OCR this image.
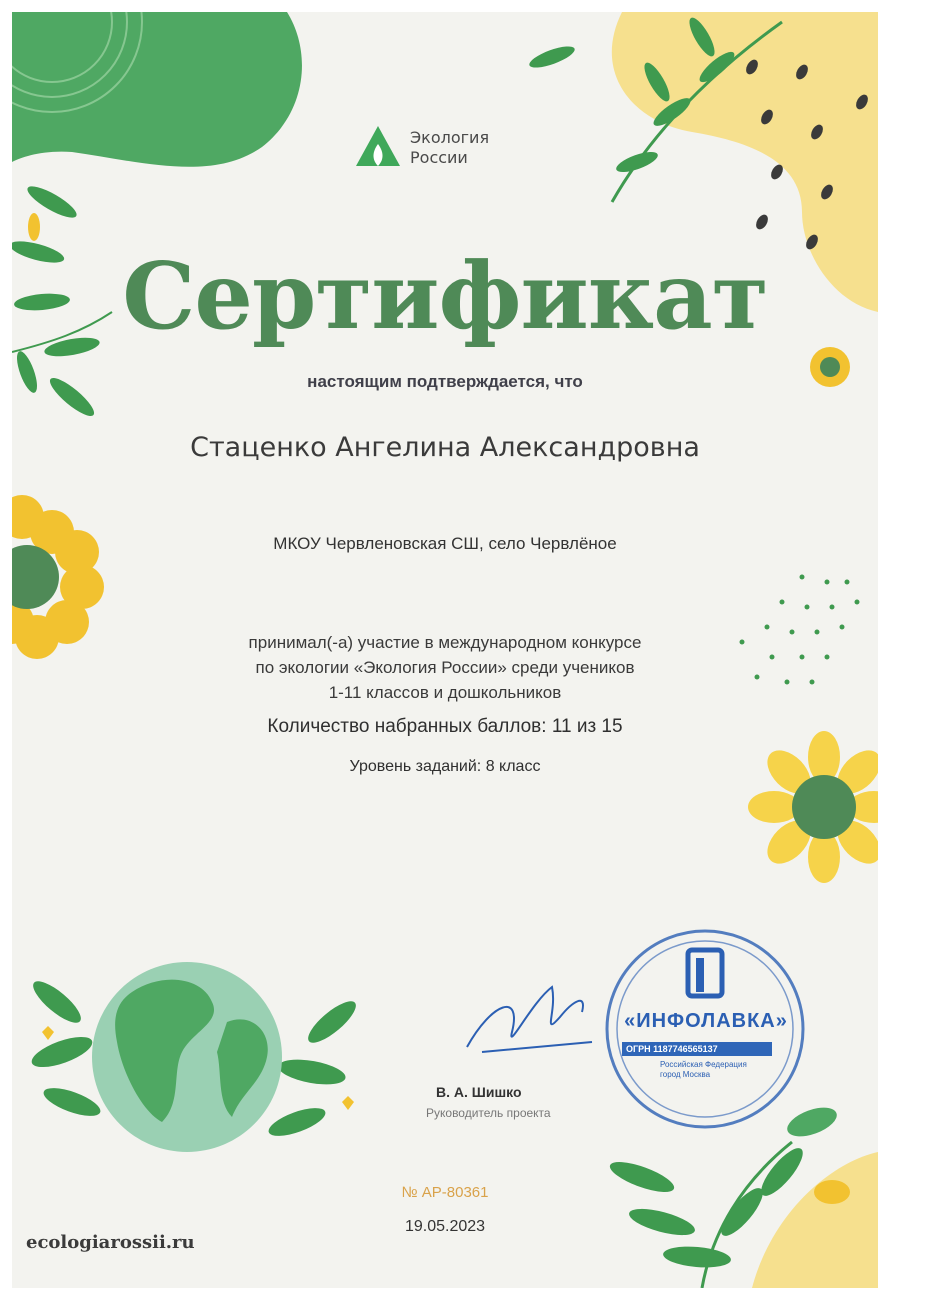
Экология
России
Сертификат
настоящим подтверждается, что
Стаценко Ангелина Александровна
МКОУ Червленовская СШ, село Червлёное
принимал(-а) участие в международном конкурсе
по экологии «Экология России» среди учеников
1-11 классов и дошкольников
Количество набранных баллов: 11 из 15
Уровень заданий: 8 класс
В. А. Шишко
Руководитель проекта
«ИНФОЛАВКА»
ОГРН 1187746565137
Российская Федерация
город Москва
№ АР-80361
19.05.2023
ecologiarossii.ru
